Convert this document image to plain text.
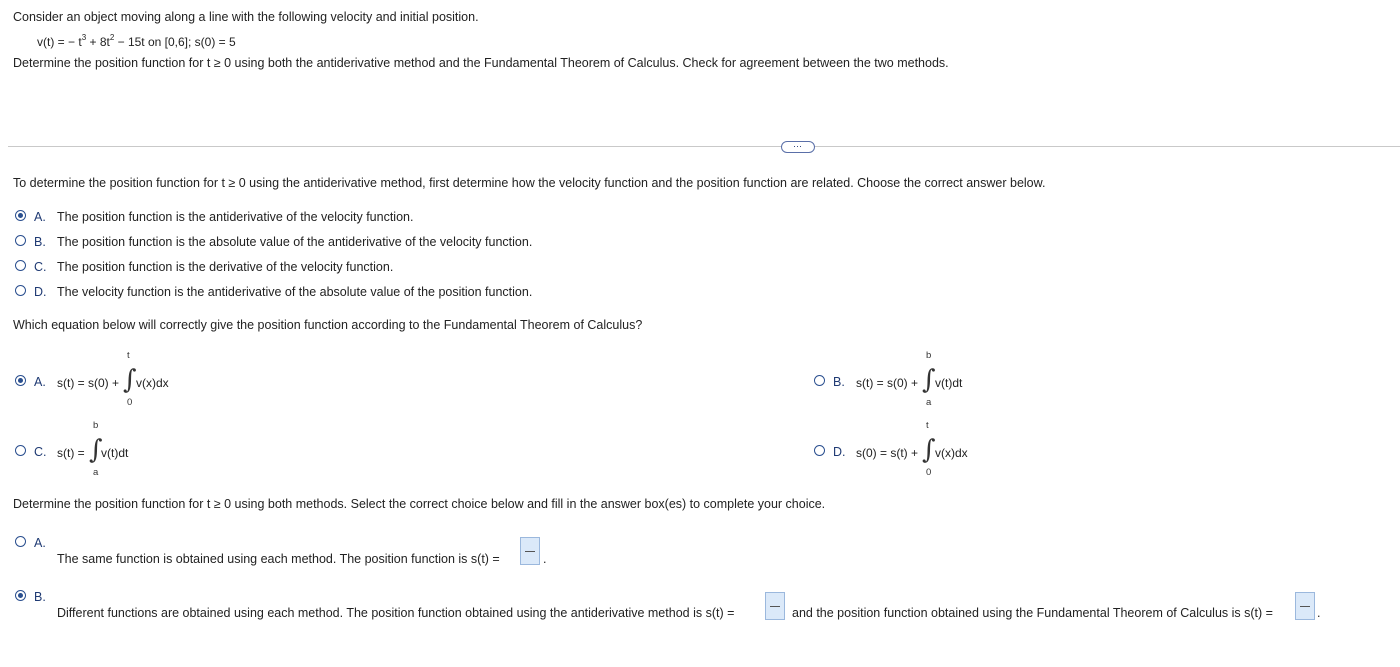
Consider an object moving along a line with the following velocity and initial position.
v(t) = − $t^3 + 8t^2 - 15t$ on [0,6]; s(0) = 5
Determine the position function for t ≥ 0 using both the antiderivative method and the Fundamental Theorem of Calculus. Check for agreement between the two methods.
⋯
To determine the position function for t ≥ 0 using the antiderivative method, first determine how the velocity function and the position function are related. Choose the correct answer below.
A. The position function is the antiderivative of the velocity function.
B. The position function is the absolute value of the antiderivative of the velocity function.
C. The position function is the derivative of the velocity function.
D. The velocity function is the antiderivative of the absolute value of the position function.
Which equation below will correctly give the position function according to the Fundamental Theorem of Calculus?
A. s(t) = s(0) +
t
∫
0
v(x)dx	B. s(t) = s(0) +
b
∫
a
v(t)dt
C. s(t) =
b
∫
a
v(t)dt	D. s(0) = s(t) +
t
∫
0
v(x)dx
Determine the position function for t ≥ 0 using both methods. Select the correct choice below and fill in the answer box(es) to complete your choice.
A.
The same function is obtained using each method. The position function is s(t) =	.
B.
Different functions are obtained using each method. The position function obtained using the antiderivative method is s(t) =	and the position function obtained using the Fundamental Theorem of Calculus is s(t) =	.
